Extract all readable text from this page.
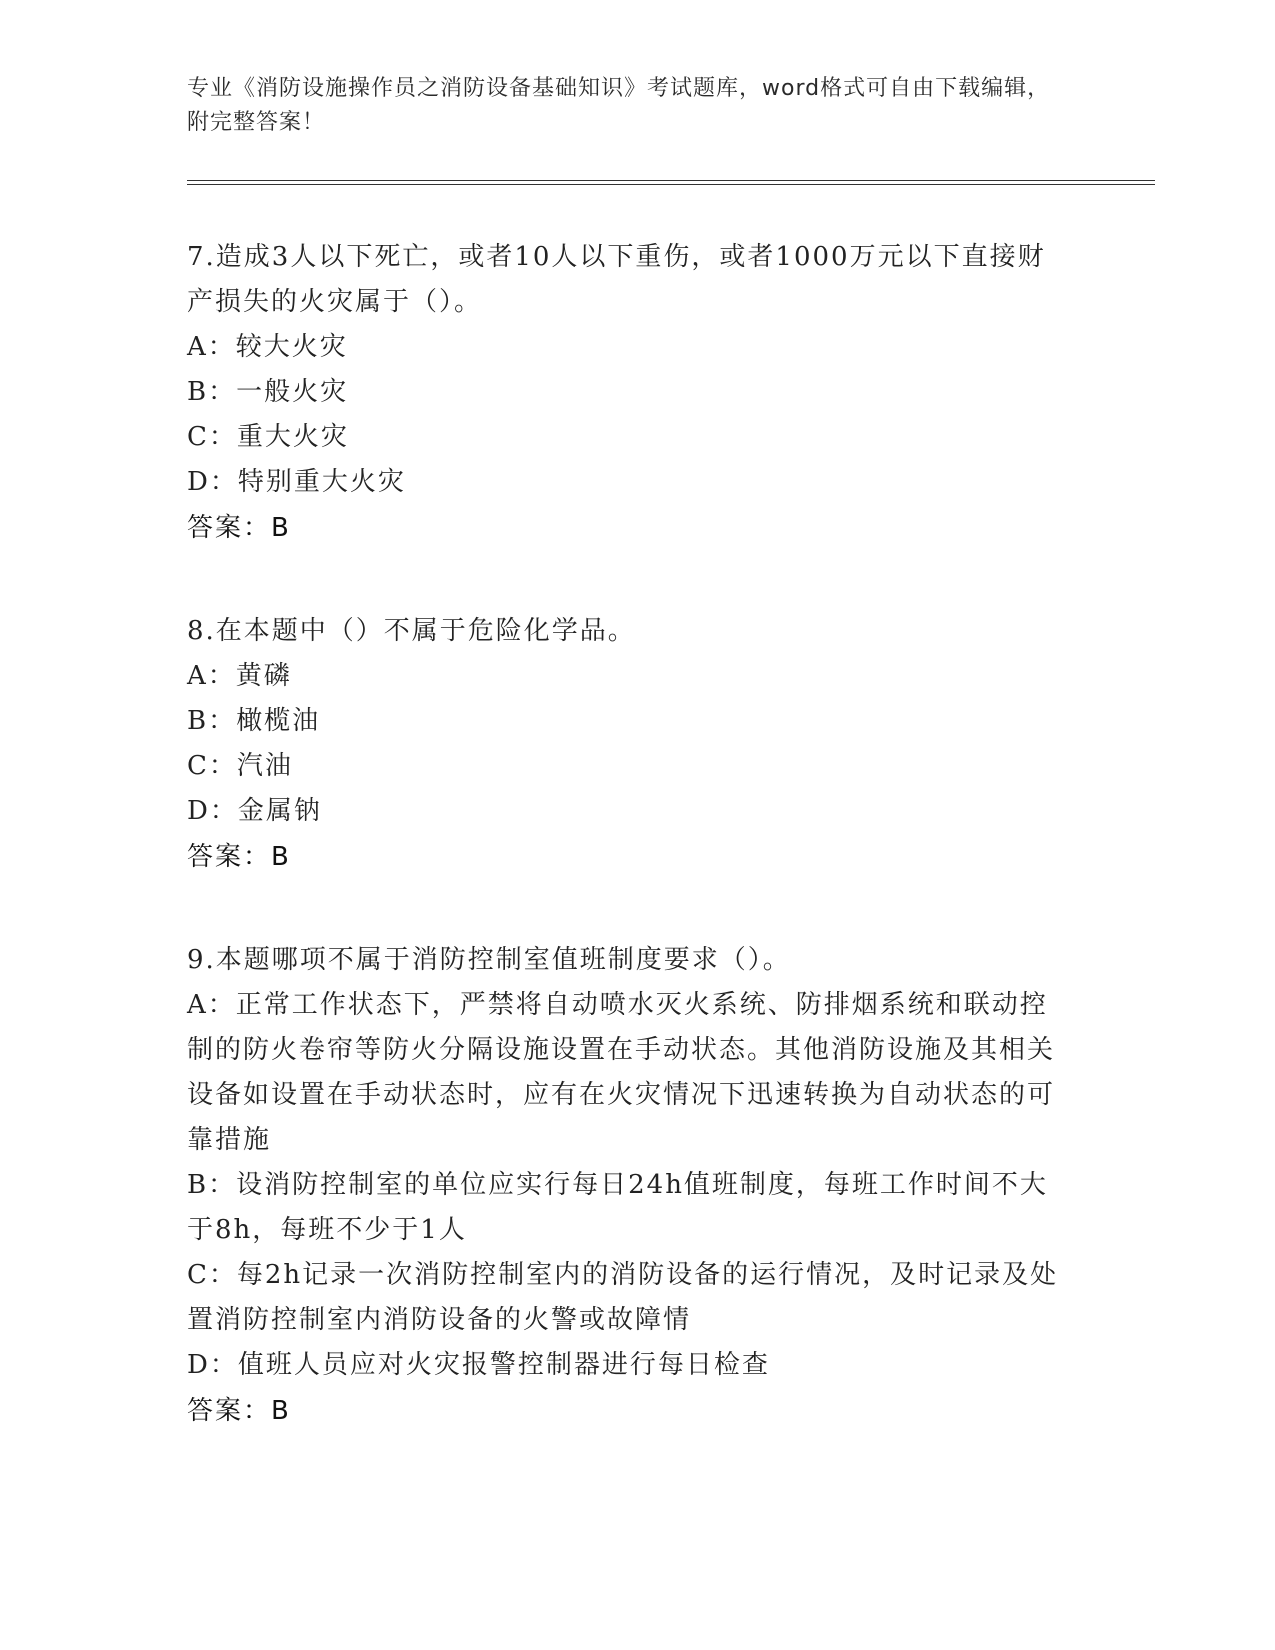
专业《消防设施操作员之消防设备基础知识》考试题库，word格式可自由下载编辑，附完整答案！
7.造成3人以下死亡，或者10人以下重伤，或者1000万元以下直接财产损失的火灾属于（）。
A：较大火灾
B：一般火灾
C：重大火灾
D：特别重大火灾
答案：B
8.在本题中（）不属于危险化学品。
A：黄磷
B：橄榄油
C：汽油
D：金属钠
答案：B
9.本题哪项不属于消防控制室值班制度要求（）。
A：正常工作状态下，严禁将自动喷水灭火系统、防排烟系统和联动控制的防火卷帘等防火分隔设施设置在手动状态。其他消防设施及其相关设备如设置在手动状态时，应有在火灾情况下迅速转换为自动状态的可靠措施
B：设消防控制室的单位应实行每日24h值班制度，每班工作时间不大于8h，每班不少于1人
C：每2h记录一次消防控制室内的消防设备的运行情况，及时记录及处置消防控制室内消防设备的火警或故障情
D：值班人员应对火灾报警控制器进行每日检查
答案：B
